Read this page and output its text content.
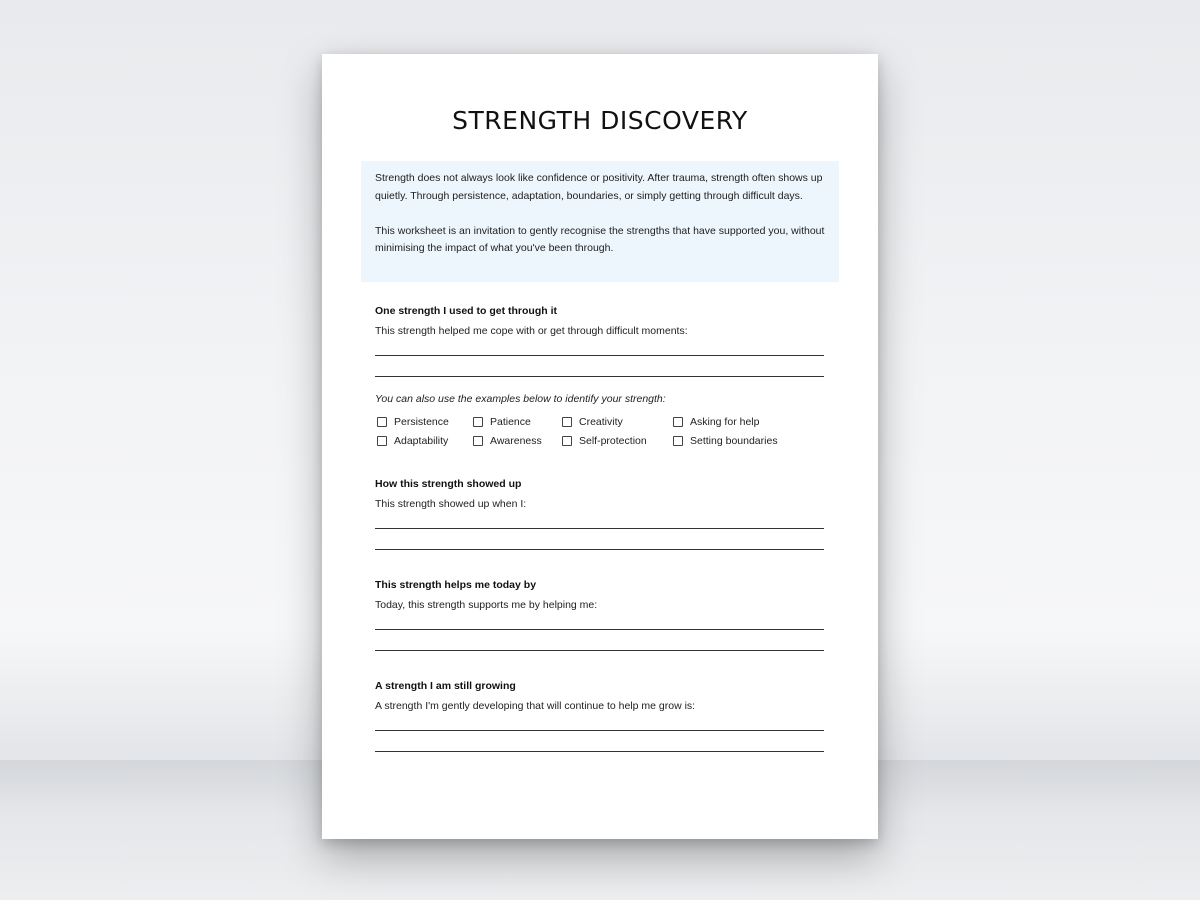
STRENGTH DISCOVERY

Strength does not always look like confidence or positivity. After trauma, strength often shows up quietly. Through persistence, adaptation, boundaries, or simply getting through difficult days.

This worksheet is an invitation to gently recognise the strengths that have supported you, without minimising the impact of what you've been through.

One strength I used to get through it

This strength helped me cope with or get through difficult moments:

You can also use the examples below to identify your strength:
Persistence	Patience	Creativity	Asking for help
Adaptability	Awareness	Self-protection	Setting boundaries

How this strength showed up

This strength showed up when I:

This strength helps me today by

Today, this strength supports me by helping me:

A strength I am still growing

A strength I'm gently developing that will continue to help me grow is:
